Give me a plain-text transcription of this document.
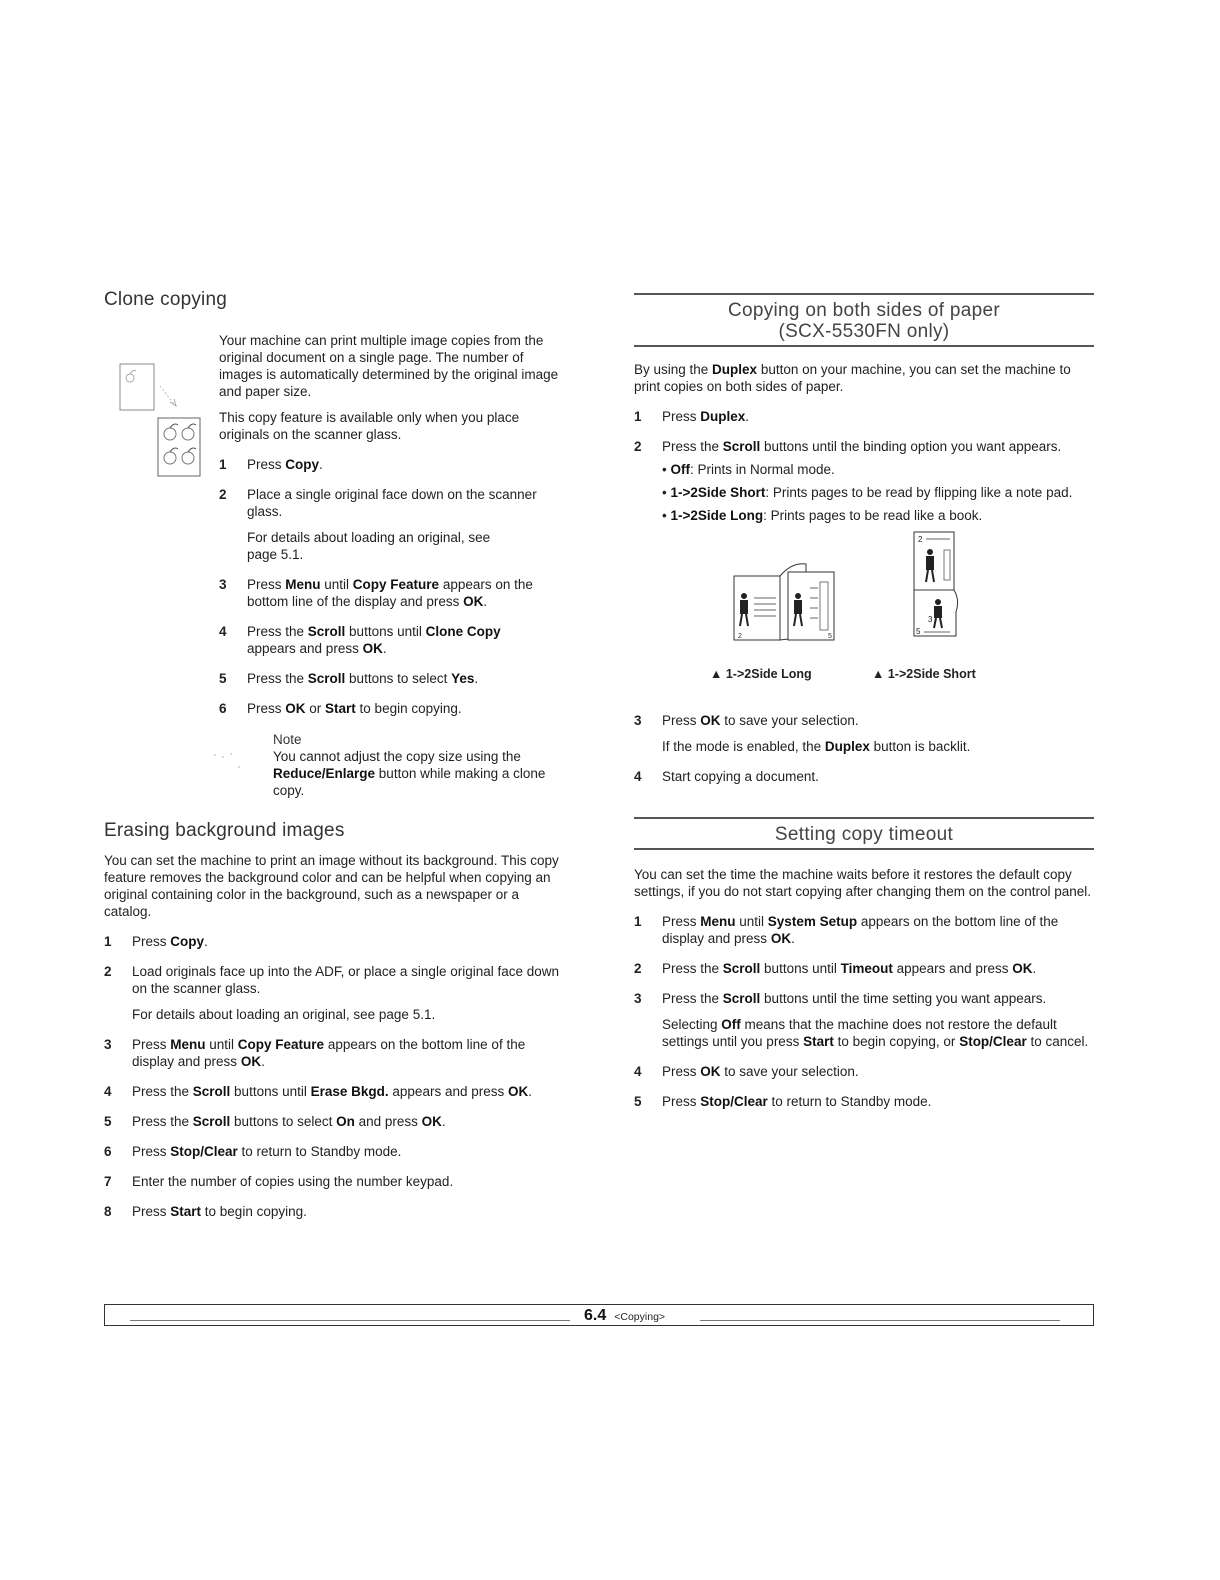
Clone copying

Your machine can print multiple image copies from the original document on a single page. The number of images is automatically determined by the original image and paper size.

This copy feature is available only when you place originals on the scanner glass.

1 Press Copy.
2 Place a single original face down on the scanner glass.

For details about loading an original, see page 5.1.

3 Press Menu until Copy Feature appears on the bottom line of the display and press OK.
4 Press the Scroll buttons until Clone Copy appears and press OK.
5 Press the Scroll buttons to select Yes.
6 Press OK or Start to begin copying.
Note
You cannot adjust the copy size using the Reduce/Enlarge button while making a clone copy.
Erasing background images

You can set the machine to print an image without its background. This copy feature removes the background color and can be helpful when copying an original containing color in the background, such as a newspaper or a catalog.

1 Press Copy.
2 Load originals face up into the ADF, or place a single original face down on the scanner glass.

For details about loading an original, see page 5.1.

3 Press Menu until Copy Feature appears on the bottom line of the display and press OK.
4 Press the Scroll buttons until Erase Bkgd. appears and press OK.
5 Press the Scroll buttons to select On and press OK.
6 Press Stop/Clear to return to Standby mode.
7 Enter the number of copies using the number keypad.
8 Press Start to begin copying.
Copying on both sides of paper
(SCX-5530FN only)

By using the Duplex button on your machine, you can set the machine to print copies on both sides of paper.

1 Press Duplex.
2 Press the Scroll buttons until the binding option you want appears.
• Off: Prints in Normal mode.
• 1->2Side Short: Prints pages to be read by flipping like a note pad.
• 1->2Side Long: Prints pages to be read like a book.
2	5
2
3
5
▲ 1->2Side Long	▲ 1->2Side Short
3 Press OK to save your selection.

If the mode is enabled, the Duplex button is backlit.

4 Start copying a document.
Setting copy timeout

You can set the time the machine waits before it restores the default copy settings, if you do not start copying after changing them on the control panel.

1 Press Menu until System Setup appears on the bottom line of the display and press OK.
2 Press the Scroll buttons until Timeout appears and press OK.
3 Press the Scroll buttons until the time setting you want appears.

Selecting Off means that the machine does not restore the default settings until you press Start to begin copying, or Stop/Clear to cancel.

4 Press OK to save your selection.
5 Press Stop/Clear to return to Standby mode.
6.4 <Copying>
